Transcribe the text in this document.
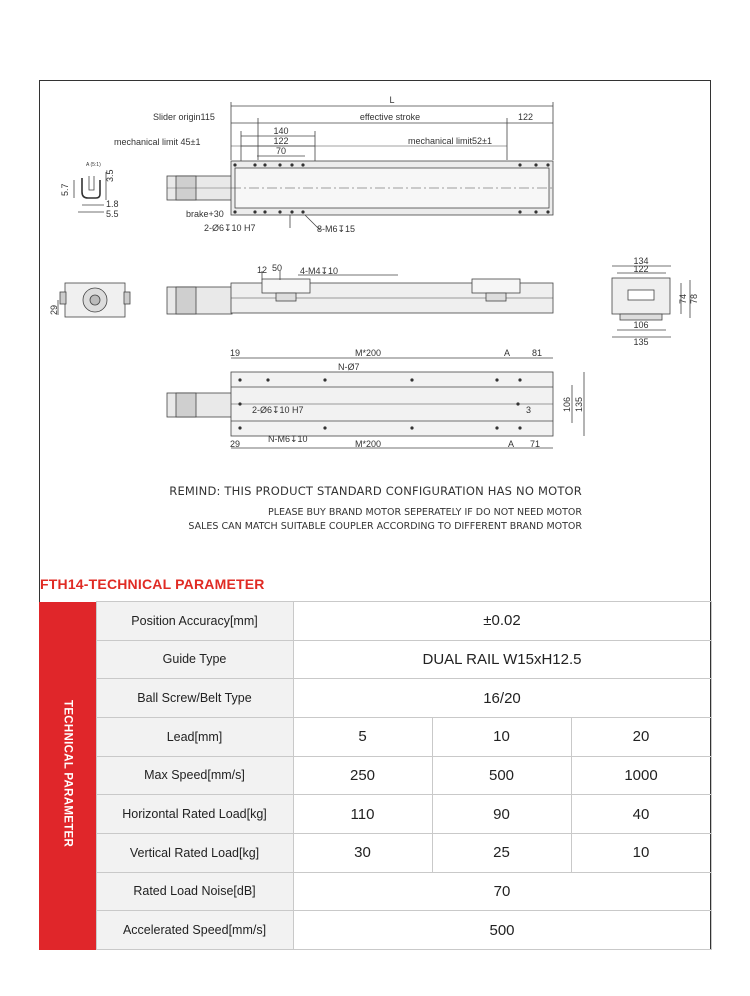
L
Slider origin115	effective stroke	122
mechanical limit 45±1
140
122
70
mechanical limit52±1
brake+30
2-Ø6↧10 H7	8-M6↧15
A (5:1)
5.7
3.5
1.8
5.5
12 50 4-M4↧10
29
134
122
74 78
106
135
19	M*200	A 81
N-Ø7
2-Ø6↧10 H7	3	106 135
29	N-M6↧10	M*200	A 71
REMIND: THIS PRODUCT STANDARD CONFIGURATION HAS NO MOTOR
PLEASE BUY BRAND MOTOR SEPERATELY IF DO NOT NEED MOTOR
SALES CAN MATCH SUITABLE COUPLER ACCORDING TO DIFFERENT BRAND MOTOR
FTH14-TECHNICAL PARAMETER
TECHNICAL PARAMETER	Position Accuracy[mm]	±0.02		
	Guide Type	DUAL RAIL W15xH12.5		
	Ball Screw/Belt Type	16/20		
	Lead[mm]	5	10	20
	Max Speed[mm/s]	250	500	1000
	Horizontal Rated Load[kg]	110	90	40
	Vertical Rated Load[kg]	30	25	10
	Rated Load Noise[dB]	70		
	Accelerated Speed[mm/s]	500		
